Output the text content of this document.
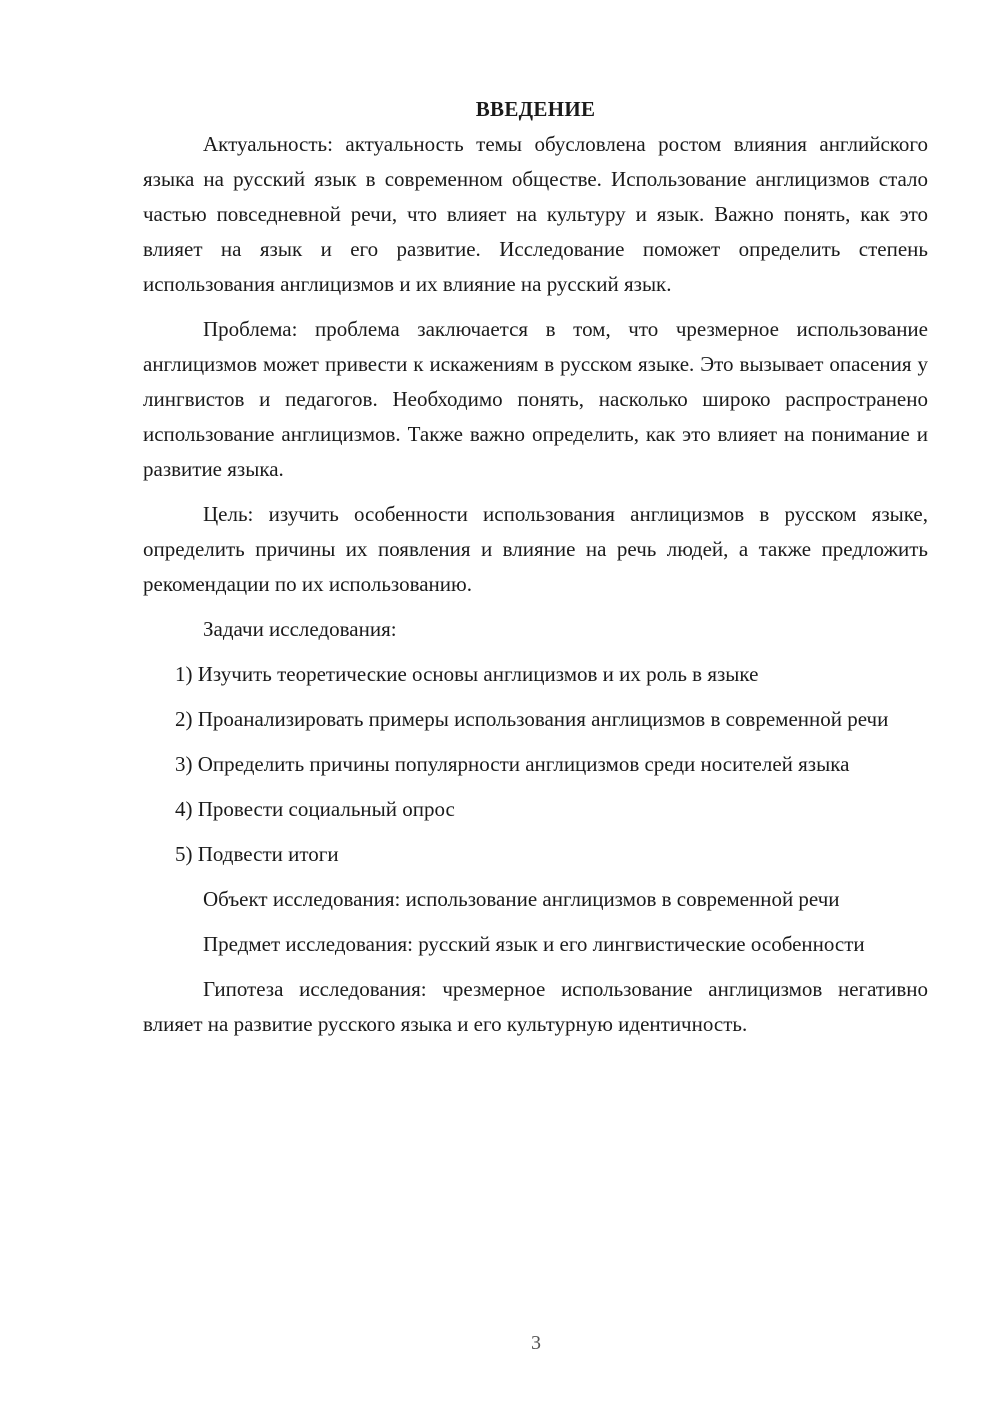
ВВЕДЕНИЕ

Актуальность: актуальность темы обусловлена ростом влияния английского языка на русский язык в современном обществе. Использование англицизмов стало частью повседневной речи, что влияет на культуру и язык. Важно понять, как это влияет на язык и его развитие. Исследование поможет определить степень использования англицизмов и их влияние на русский язык.

Проблема: проблема заключается в том, что чрезмерное использование англицизмов может привести к искажениям в русском языке. Это вызывает опасения у лингвистов и педагогов. Необходимо понять, насколько широко распространено использование англицизмов. Также важно определить, как это влияет на понимание и развитие языка.

Цель: изучить особенности использования англицизмов в русском языке, определить причины их появления и влияние на речь людей, а также предложить рекомендации по их использованию.

Задачи исследования:

1) Изучить теоретические основы англицизмов и их роль в языке

2) Проанализировать примеры использования англицизмов в современной речи

3) Определить причины популярности англицизмов среди носителей языка

4) Провести социальный опрос

5) Подвести итоги

Объект исследования: использование англицизмов в современной речи

Предмет исследования: русский язык и его лингвистические особенности

Гипотеза исследования: чрезмерное использование англицизмов негативно влияет на развитие русского языка и его культурную идентичность.

3
